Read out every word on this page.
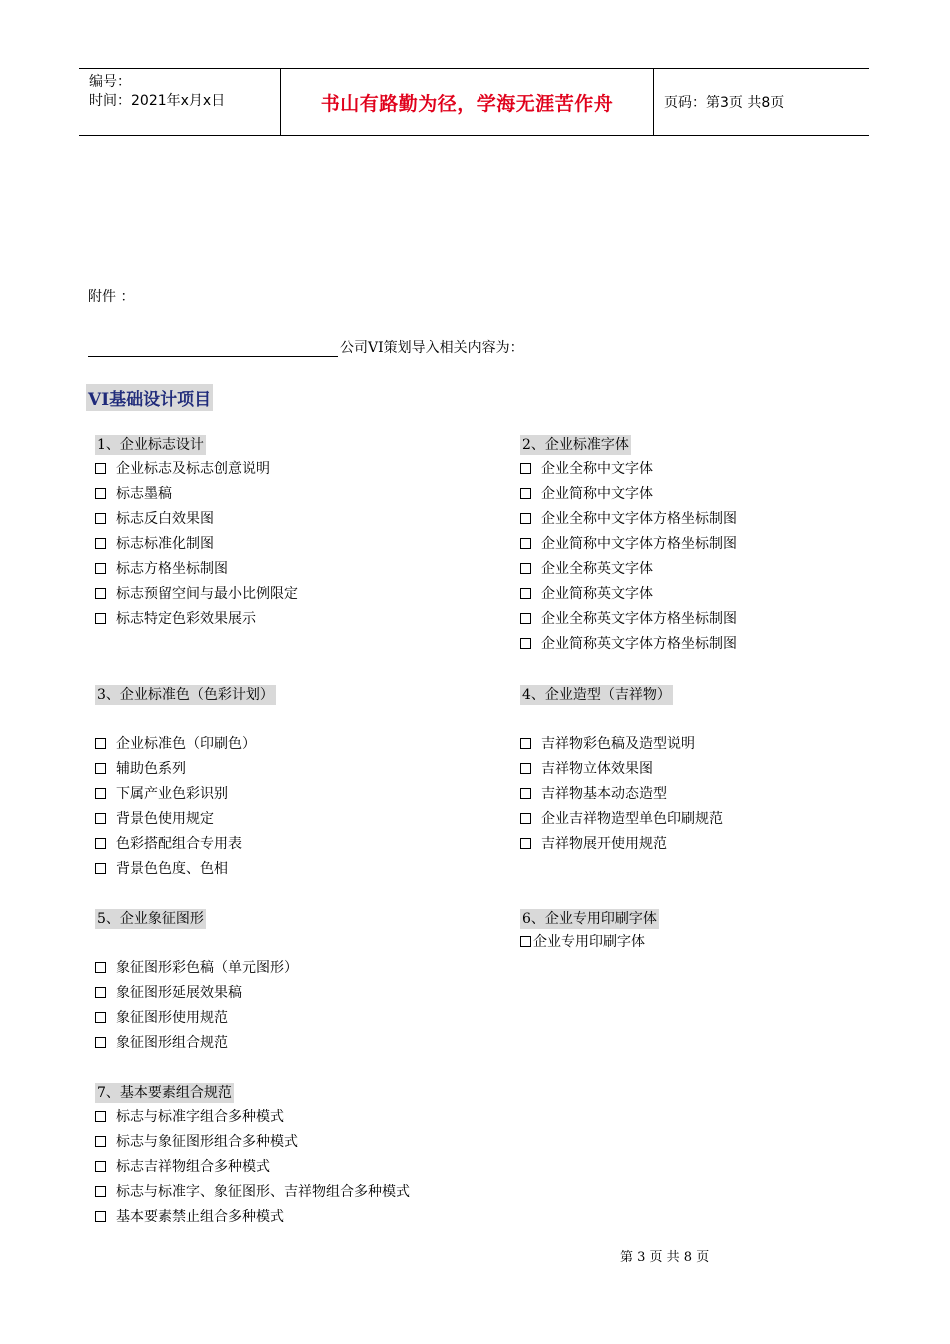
编号：
时间：2021年x月x日	书山有路勤为径，学海无涯苦作舟	页码：第3页 共8页
附件 ：
公司VI策划导入相关内容为：
VI基础设计项目
1、企业标志设计
企业标志及标志创意说明
标志墨稿
标志反白效果图
标志标准化制图
标志方格坐标制图
标志预留空间与最小比例限定
标志特定色彩效果展示
2、企业标准字体
企业全称中文字体
企业简称中文字体
企业全称中文字体方格坐标制图
企业简称中文字体方格坐标制图
企业全称英文字体
企业简称英文字体
企业全称英文字体方格坐标制图
企业简称英文字体方格坐标制图
3、企业标准色（色彩计划）
企业标准色（印刷色）
辅助色系列
下属产业色彩识别
背景色使用规定
色彩搭配组合专用表
背景色色度、色相
4、企业造型（吉祥物）
吉祥物彩色稿及造型说明
吉祥物立体效果图
吉祥物基本动态造型
企业吉祥物造型单色印刷规范
吉祥物展开使用规范
5、企业象征图形
象征图形彩色稿（单元图形）
象征图形延展效果稿
象征图形使用规范
象征图形组合规范
6、企业专用印刷字体
企业专用印刷字体
7、基本要素组合规范
标志与标准字组合多种模式
标志与象征图形组合多种模式
标志吉祥物组合多种模式
标志与标准字、象征图形、吉祥物组合多种模式
基本要素禁止组合多种模式
第 3 页 共 8 页
